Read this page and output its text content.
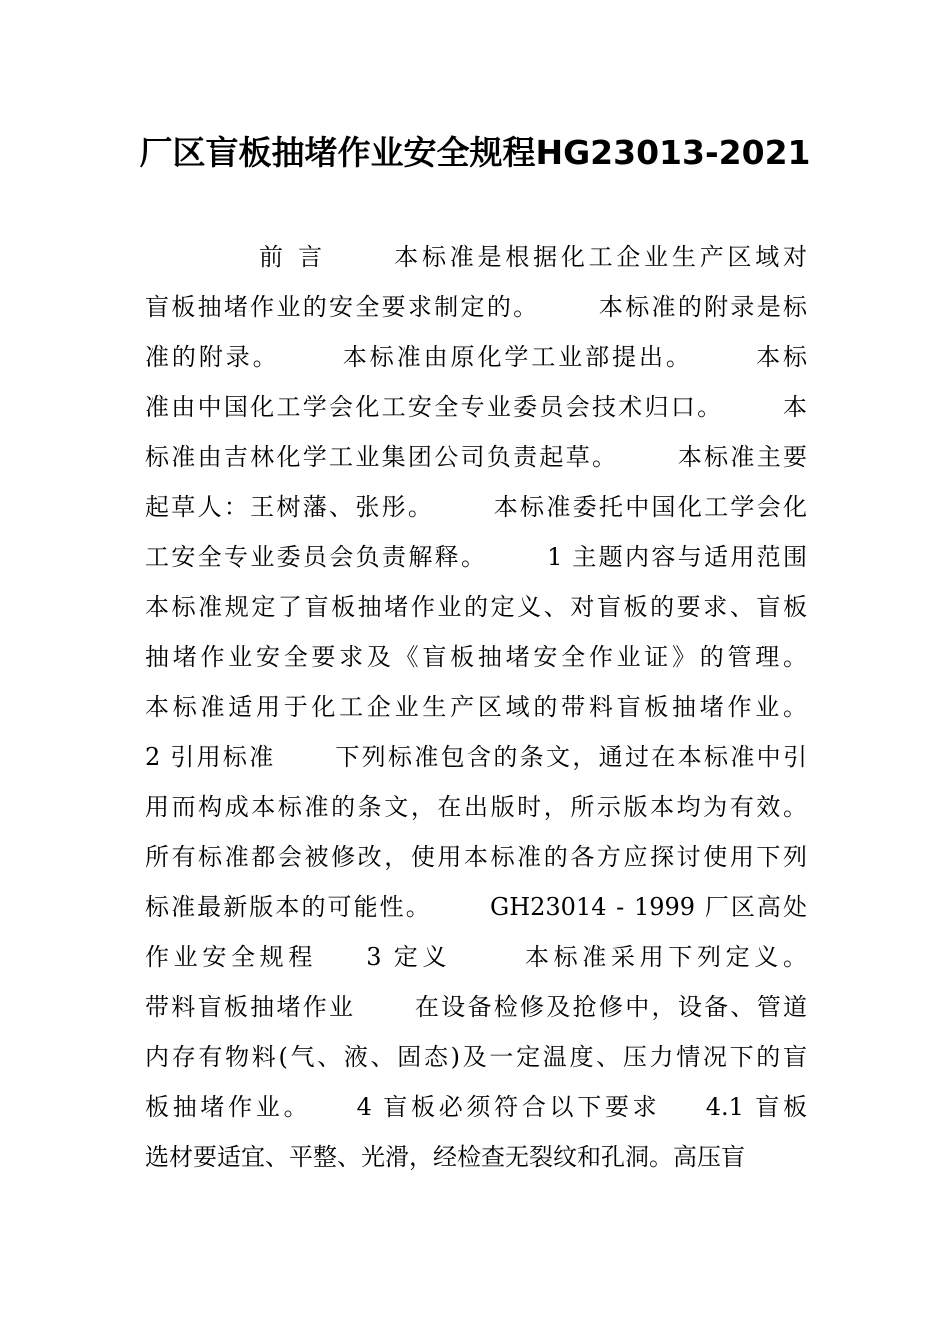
厂区盲板抽堵作业安全规程HG23013-2021
前 言      本标准是根据化工企业生产区域对
盲板抽堵作业的安全要求制定的。      本标准的附录是标
准的附录。      本标准由原化学工业部提出。      本标
准由中国化工学会化工安全专业委员会技术归口。      本
标准由吉林化学工业集团公司负责起草。      本标准主要
起草人：王树藩、张彤。      本标准委托中国化工学会化
工安全专业委员会负责解释。      1 主题内容与适用范围
本标准规定了盲板抽堵作业的定义、对盲板的要求、盲板
抽堵作业安全要求及《盲板抽堵安全作业证》的管理。
本标准适用于化工企业生产区域的带料盲板抽堵作业。
2 引用标准      下列标准包含的条文，通过在本标准中引
用而构成本标准的条文，在出版时，所示版本均为有效。
所有标准都会被修改，使用本标准的各方应探讨使用下列
标准最新版本的可能性。      GH23014 - 1999 厂区高处
作业安全规程    3 定义      本标准采用下列定义。
带料盲板抽堵作业      在设备检修及抢修中，设备、管道
内存有物料(气、液、固态)及一定温度、压力情况下的盲
板抽堵作业。    4 盲板必须符合以下要求    4.1 盲板
选材要适宜、平整、光滑，经检查无裂纹和孔洞。高压盲
